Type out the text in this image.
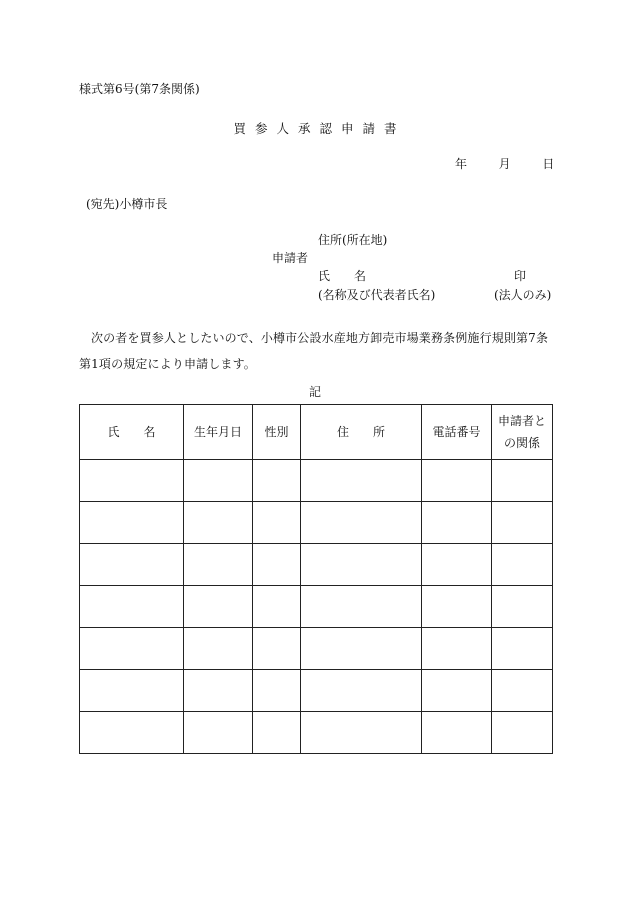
様式第6号(第7条関係)
買参人承認申請書
年	月	日
(宛先)小樽市長
住所(所在地)
申請者
氏　　名	印
(名称及び代表者氏名)	(法人のみ)
次の者を買参人としたいので、小樽市公設水産地方卸売市場業務条例施行規則第7条第1項の規定により申請します。
記
氏　　名	生年月日	性別	住　　所	電話番号	申請者との関係
